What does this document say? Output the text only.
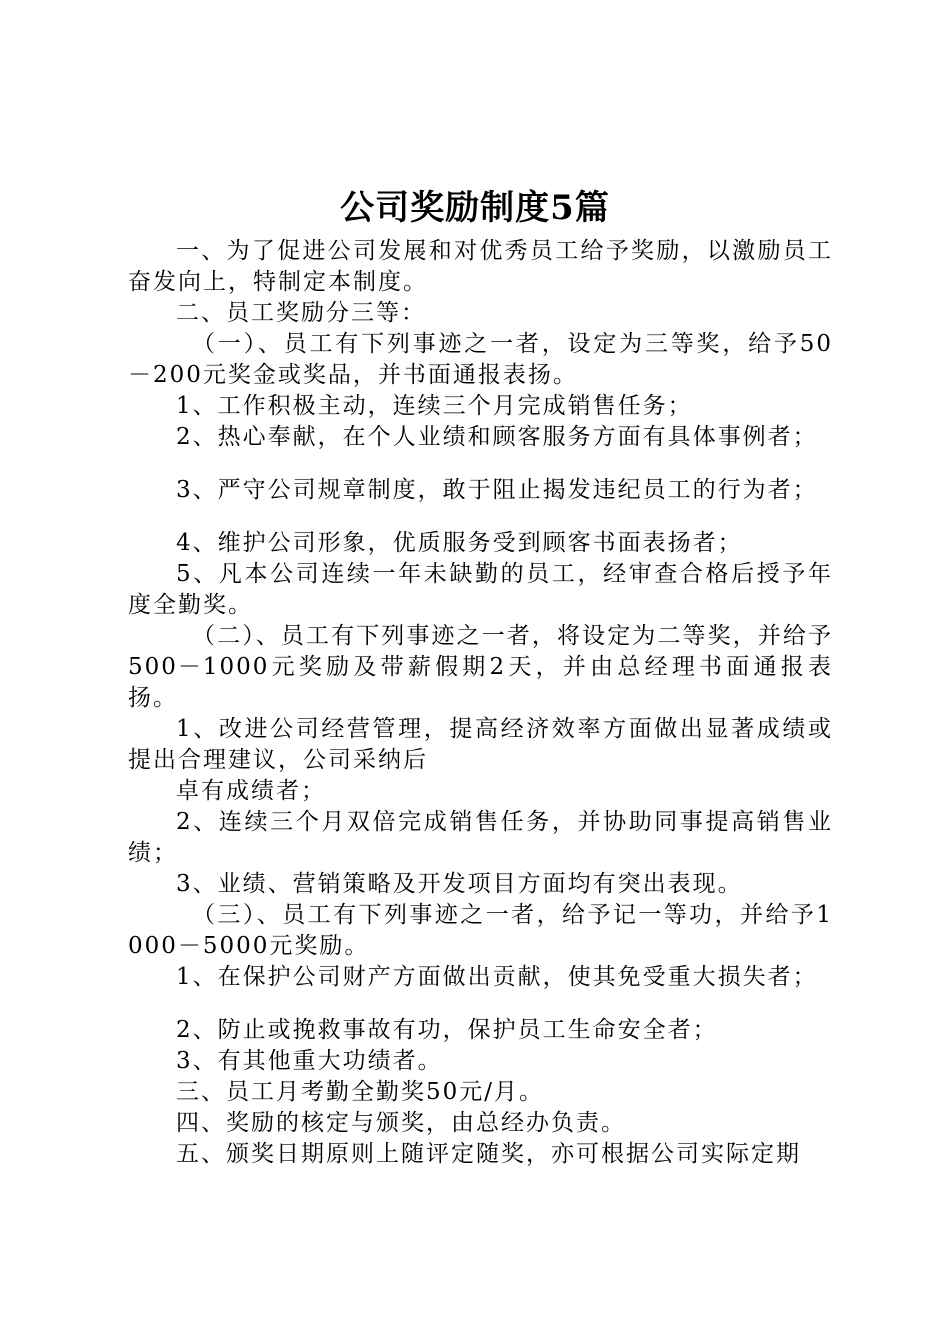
公司奖励制度5篇

一、为了促进公司发展和对优秀员工给予奖励，以激励员工奋发向上，特制定本制度。

二、员工奖励分三等：

（一）、员工有下列事迹之一者，设定为三等奖，给予50－200元奖金或奖品，并书面通报表扬。

1、工作积极主动，连续三个月完成销售任务；

2、热心奉献，在个人业绩和顾客服务方面有具体事例者；

3、严守公司规章制度，敢于阻止揭发违纪员工的行为者；

4、维护公司形象，优质服务受到顾客书面表扬者；

5、凡本公司连续一年未缺勤的员工，经审查合格后授予年度全勤奖。

（二）、员工有下列事迹之一者，将设定为二等奖，并给予500－1000元奖励及带薪假期2天，并由总经理书面通报表扬。

1、改进公司经营管理，提高经济效率方面做出显著成绩或提出合理建议，公司采纳后

卓有成绩者；

2、连续三个月双倍完成销售任务，并协助同事提高销售业绩；

3、业绩、营销策略及开发项目方面均有突出表现。

（三）、员工有下列事迹之一者，给予记一等功，并给予1000－5000元奖励。

1、在保护公司财产方面做出贡献，使其免受重大损失者；

2、防止或挽救事故有功，保护员工生命安全者；

3、有其他重大功绩者。

三、员工月考勤全勤奖50元/月。

四、奖励的核定与颁奖，由总经办负责。

五、颁奖日期原则上随评定随奖，亦可根据公司实际定期
